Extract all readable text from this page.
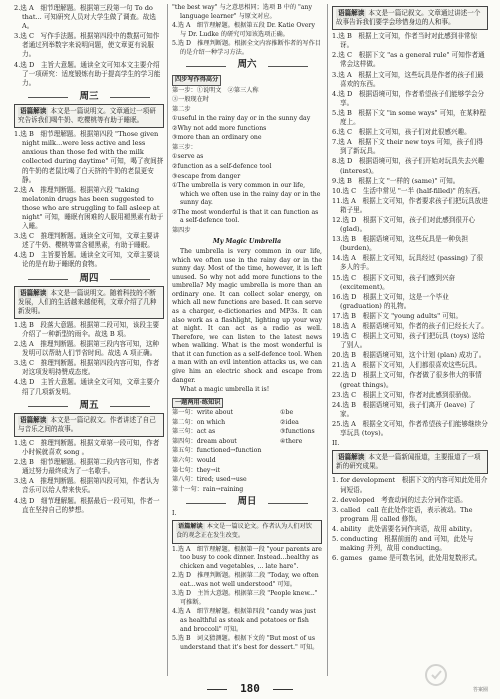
2.选 A　细节理解题。根据第三段第一句 To do that... 可知研究人员对大学生做了调查。故选 A。

3.选 C　写作手法题。根据第四段中的数据可知作者通过列举数字来说明问题，使文章更有说服力。

4.选 D　主旨大意题。通读全文可知本文主要介绍了一项研究：适度锻炼有助于提高学生的学习能力。

周三
语篇解读 本文是一篇说明文。文章通过一项研究告诉我们喝牛奶、吃樱桃等有助于睡眠。

1.选 B　细节理解题。根据第四段 "Those given night milk...were less active and less anxious than those fed with the milk collected during daytime" 可知，喝了夜间挤的牛奶的老鼠比喝了白天挤的牛奶的老鼠更安静。

2.选 A　推理判断题。根据第六段 "taking melatonin drugs has been suggested to those who are struggling to fall asleep at night" 可知，睡眠有困难的人服用褪黑素有助于入睡。

3.选 C　推理判断题。通读全文可知，文章主要讲述了牛奶、樱桃等富含褪黑素，有助于睡眠。

4.选 D　主旨要旨题。通读全文可知，文章主要谈论的是有助于睡眠的食物。

周四
语篇解读 本文是一篇说明文。随着科技的不断发展，人们的生活越来越便利，文章介绍了几种新发明。

1.选 B　段落大意题。根据第二段可知，该段主要介绍了一种新型的雨伞。故选 B 项。

2.选 A　推理判断题。根据第三段内容可知，这种发明可以帮助人们节省时间。故选 A 项正确。

3.选 C　推理判断题。根据第四段内容可知，作者对这项发明持赞成态度。

4.选 D　主旨大意题。通读全文可知，文章主要介绍了几项新发明。

周五
语篇解读 本文是一篇记叙文。作者讲述了自己与音乐之间的故事。

1.选 C　推理判断题。根据文章第一段可知，作者小时候就喜欢 song 。

2.选 B　细节理解题。根据第二段内容可知，作者通过努力最终成为了一名歌手。

3.选 A　推理判断题。根据第四段可知，作者认为音乐可以给人带来快乐。

4.选 D　细节理解题。根据最后一段可知，作者一直在坚持自己的梦想。

"the best way" 与之意思相同；选项 B 中的 "any language learner" 与原文对应。

4.选 A　细节理解题。根据第五段 Dr. Katie Overy 与 Dr. Ludke 的研究可知该选项正确。

5.选 D　推理判断题。根据全文内容推断作者的写作目的是介绍一种学习方法。

周六
四步写作得高分

第一步：①说明文　②第三人称

③一般现在时

第二步

①useful in the rainy day or in the sunny day

②Why not add more functions

③more than an ordinary one

第三步：

①serve as

②function as a self-defence tool

③escape from danger

①The umbrella is very common in our life, which we often use in the rainy day or in the sunny day.

②The most wonderful is that it can function as a self-defence tool.

第四步

My Magic Umbrella

The umbrella is very common in our life, which we often use in the rainy day or in the sunny day. Most of the time, however, it is left unused. So why not add more functions to the umbrella? My magic umbrella is more than an ordinary one. It can collect solar energy, on which all new functions are based. It can serve as a charger, e-dictionaries and MP3s. It can also work as a flashlight, lighting up your way at night. It can act as a radio as well. Therefore, we can listen to the latest news when walking. What is the most wonderful is that it can function as a self-defence tool. When a man with an evil intention attacks us, we can give him an electric shock and escape from danger.

What a magic umbrella it is!

一题两用·练知识

第一句：write about

第二句：on which

第三句：act as

第四句：dream about

第五句：functioned→function

第六句：would

第七句：they→it

第八句：tired; used→use

第十一句：rain→raining

①be

②idea

③functions

④there

周日

I.

语篇解读 本文是一篇议论文。作者认为人们对饮食的观念正在发生改变。

1.选 A　细节理解题。根据第一段 "your parents are too busy to cook dinner. Instead...healthy as chicken and vegetables, ... late hare".

2.选 D　推理判断题。根据第二段 "Today, we often eat...was not well understood" 可知。

3.选 D　主旨大意题。根据第三段 "People knew..." 可推断。

4.选 A　细节理解题。根据第四段 "candy was just as healthful as steak and potatoes or fish and broccoli" 可知。

5.选 B　词义猜测题。根据下文的 "But most of us understand that it's best for dessert." 可知。

语篇解读 本文是一篇记叙文。文章通过讲述一个故事告诉我们要学会珍惜身边的人和事。

1.选 B　根据上文可知，作者当时对此感到非常惊讶。

2.选 C　根据下文 "as a general rule" 可知作者通常会这样做。

3.选 A　根据上文可知，这些玩具是作者的孩子们最喜欢的东西。

4.选 D　根据语境可知，作者希望孩子们能够学会分享。

5.选 B　根据下文 "in some ways" 可知，在某种程度上。

6.选 C　根据上文可知，孩子们对此很感兴趣。

7.选 A　根据下文 their new toys 可知，孩子们得到了新玩具。

8.选 D　根据语境可知，孩子们开始对玩具失去兴趣 (interest)。

9.选 B　根据上文 "一样的 (same)" 可知。

10.选 C　生活中常见 "一半 (half-filled)" 的东西。

11.选 A　根据上文可知，作者要求孩子们把玩具放进箱子里。

12.选 D　根据下文可知，孩子们对此感到很开心 (glad)。

13.选 B　根据语境可知，这些玩具是一种负担 (burden)。

14.选 A　根据上文可知，玩具经过 (passing) 了很多人的手。

15.选 C　根据下文可知，孩子们感到兴奋 (excitement)。

16.选 D　根据上文可知，这是一个毕业 (graduation) 的礼物。

17.选 B　根据下文 "young adults" 可知。

18.选 A　根据语境可知，作者的孩子们已经长大了。

19.选 C　根据上文可知，孩子们把玩具 (toys) 送给了别人。

20.选 B　根据语境可知，这个计划 (plan) 成功了。

21.选 A　根据下文可知，人们都很喜欢这些玩具。

22.选 D　根据上文可知，作者做了很多伟大的事情 (great things)。

23.选 C　根据上文可知，作者对此感到很骄傲。

24.选 B　根据语境可知，孩子们离开 (leave) 了家。

25.选 A　根据全文可知，作者希望孩子们能够继续分享玩具 (toys)。

II.

语篇解读 本文是一篇新闻报道，主要报道了一项新的研究成果。

1. for development　根据下文的内容可知此处用介词短语。

2. developed　考查动词的过去分词作定语。

3. called　call 在此处作定语，表示被动。The program 用 called 修饰。

4. ability　此处需要名词作宾语，故用 ability。

5. conducting　根据前面的 and 可知，此处与 making 并列，故用 conducting。

6. games　game 是可数名词，此处用复数形式。

180	答案圈
